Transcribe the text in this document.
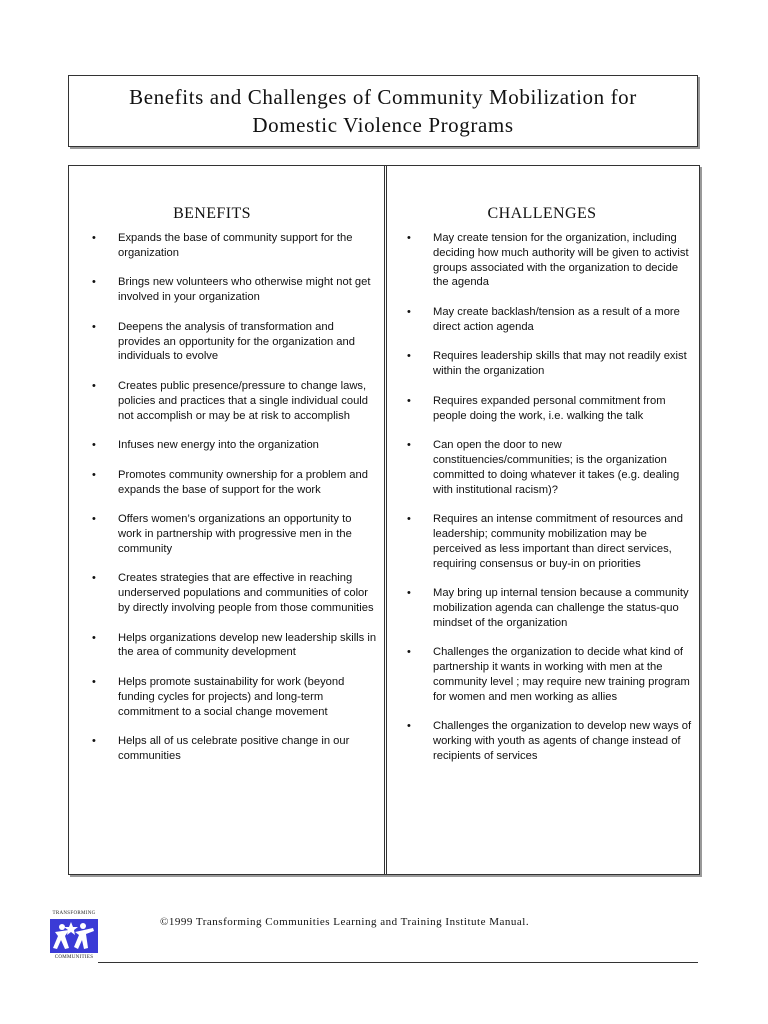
Benefits and Challenges of Community Mobilization for
Domestic Violence Programs
BENEFITS
• Expands the base of community support for the organization
• Brings new volunteers who otherwise might not get involved in your organization
• Deepens the analysis of transformation and provides an opportunity for the organization and individuals to evolve
• Creates public presence/pressure to change laws, policies and practices that a single individual could not accomplish or may be at risk to accomplish
• Infuses new energy into the organization
• Promotes community ownership for a problem and expands the base of support for the work
• Offers women’s organizations an opportunity to work in partnership with progressive men in the community
• Creates strategies that are effective in reaching underserved populations and communities of color by directly involving people from those communities
• Helps organizations develop new leadership skills in the area of community development
• Helps promote sustainability for work (beyond funding cycles for projects) and long-term commitment to a social change movement
• Helps all of us celebrate positive change in our communities
CHALLENGES
• May create tension for the organization, including deciding how much authority will be given to activist groups associated with the organization to decide the agenda
• May create backlash/tension as a result of a more direct action agenda
• Requires leadership skills that may not readily exist within the organization
• Requires expanded personal commitment from people doing the work, i.e. walking the talk
• Can open the door to new constituencies/communities; is the organization committed to doing whatever it takes (e.g. dealing with institutional racism)?
• Requires an intense commitment of resources and leadership; community mobilization may be perceived as less important than direct services, requiring consensus or buy-in on priorities
• May bring up internal tension because a community mobilization agenda can challenge the status-quo mindset of the organization
• Challenges the organization to decide what kind of partnership it wants in working with men at the community level ; may require new training program for women and men working as allies
• Challenges the organization to develop new ways of working with youth as agents of change instead of recipients of services
TRANSFORMING
COMMUNITIES
©1999 Transforming Communities Learning and Training Institute Manual.
